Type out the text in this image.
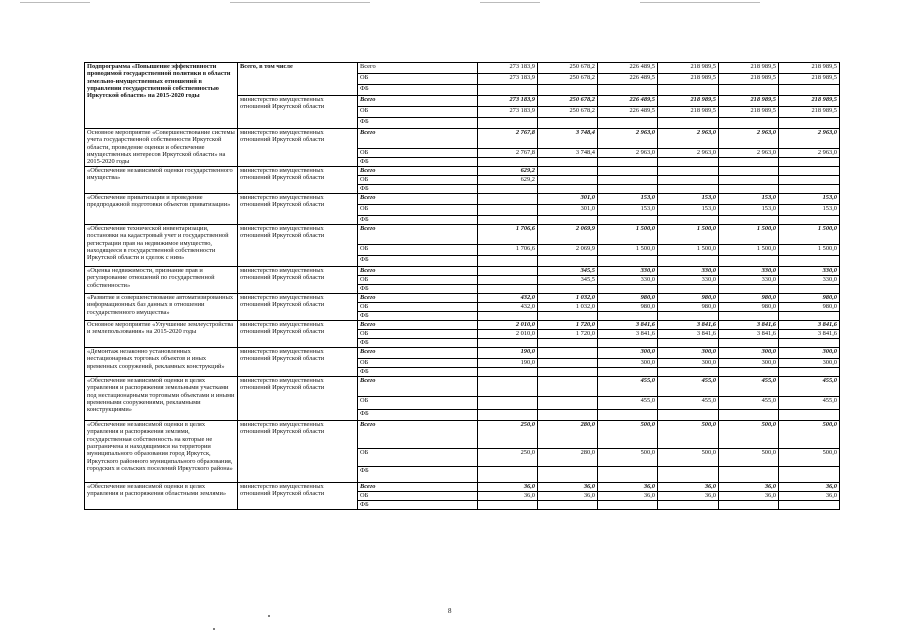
Подпрограмма «Повышение эффективности проводимой государственной политики в области земельно-имущественных отношений в управлении государственной собственностью Иркутской области» на 2015-2020 годы	Всего, в том числе	Всего	273 183,9	250 678,2	226 489,5	218 989,5	218 989,5	218 989,5
		ОБ	273 183,9	250 678,2	226 489,5	218 989,5	218 989,5	218 989,5
		ФБ						
	министерство имущественных отношений Иркутской области	Всего	273 183,9	250 678,2	226 489,5	218 989,5	218 989,5	218 989,5
		ОБ	273 183,9	250 678,2	226 489,5	218 989,5	218 989,5	218 989,5
		ФБ						
Основное мероприятие «Совершенствование системы учета государственной собственности Иркутской области, проведение оценки и обеспечение имущественных интересов Иркутской области» на 2015-2020 годы	министерство имущественных отношений Иркутской области	Всего	2 767,8	3 748,4	2 963,0	2 963,0	2 963,0	2 963,0
		ОБ	2 767,8	3 748,4	2 963,0	2 963,0	2 963,0	2 963,0
		ФБ						
«Обеспечение независимой оценки государственного имущества»	министерство имущественных отношений Иркутской области	Всего	629,2					
		ОБ	629,2					
		ФБ						
«Обеспечение приватизации и проведение предпродажной подготовки объектов приватизации»	министерство имущественных отношений Иркутской области	Всего		301,0	153,0	153,0	153,0	153,0
		ОБ		301,0	153,0	153,0	153,0	153,0
		ФБ						
«Обеспечение технической инвентаризации, постановки на кадастровый учет и государственной регистрации прав на недвижимое имущество, находящееся в государственной собственности Иркутской области и сделок с ним»	министерство имущественных отношений Иркутской области	Всего	1 706,6	2 069,9	1 500,0	1 500,0	1 500,0	1 500,0
		ОБ	1 706,6	2 069,9	1 500,0	1 500,0	1 500,0	1 500,0
		ФБ						
«Оценка недвижимости, признание прав и регулирование отношений по государственной собственности»	министерство имущественных отношений Иркутской области	Всего		345,5	330,0	330,0	330,0	330,0
		ОБ		345,5	330,0	330,0	330,0	330,0
		ФБ						
«Развитие и совершенствование автоматизированных информационных баз данных в отношении государственного имущества»	министерство имущественных отношений Иркутской области	Всего	432,0	1 032,0	980,0	980,0	980,0	980,0
		ОБ	432,0	1 032,0	980,0	980,0	980,0	980,0
		ФБ						
Основное мероприятие «Улучшение землеустройства и землепользования» на 2015-2020 годы	министерство имущественных отношений Иркутской области	Всего	2 010,0	1 720,0	3 841,6	3 841,6	3 841,6	3 841,6
		ОБ	2 010,0	1 720,0	3 841,6	3 841,6	3 841,6	3 841,6
		ФБ						
«Демонтаж незаконно установленных нестационарных торговых объектов и иных временных сооружений, рекламных конструкций»	министерство имущественных отношений Иркутской области	Всего	190,0		300,0	300,0	300,0	300,0
		ОБ	190,0		300,0	300,0	300,0	300,0
		ФБ						
«Обеспечение независимой оценки в целях управления и распоряжения земельными участками под нестационарными торговыми объектами и иными временными сооружениями, рекламными конструкциями»	министерство имущественных отношений Иркутской области	Всего			455,0	455,0	455,0	455,0
		ОБ			455,0	455,0	455,0	455,0
		ФБ						
«Обеспечение независимой оценки в целях управления и распоряжения землями, государственная собственность на которые не разграничена и находящимися на территории муниципального образования город Иркутск, Иркутского районного муниципального образования, городских и сельских поселений Иркутского района»	министерство имущественных отношений Иркутской области	Всего	250,0	280,0	500,0	500,0	500,0	500,0
		ОБ	250,0	280,0	500,0	500,0	500,0	500,0
		ФБ						
«Обеспечение независимой оценки в целях управления и распоряжения областными землями»	министерство имущественных отношений Иркутской области	Всего	36,0	36,0	36,0	36,0	36,0	36,0
		ОБ	36,0	36,0	36,0	36,0	36,0	36,0
		ФБ						
8
